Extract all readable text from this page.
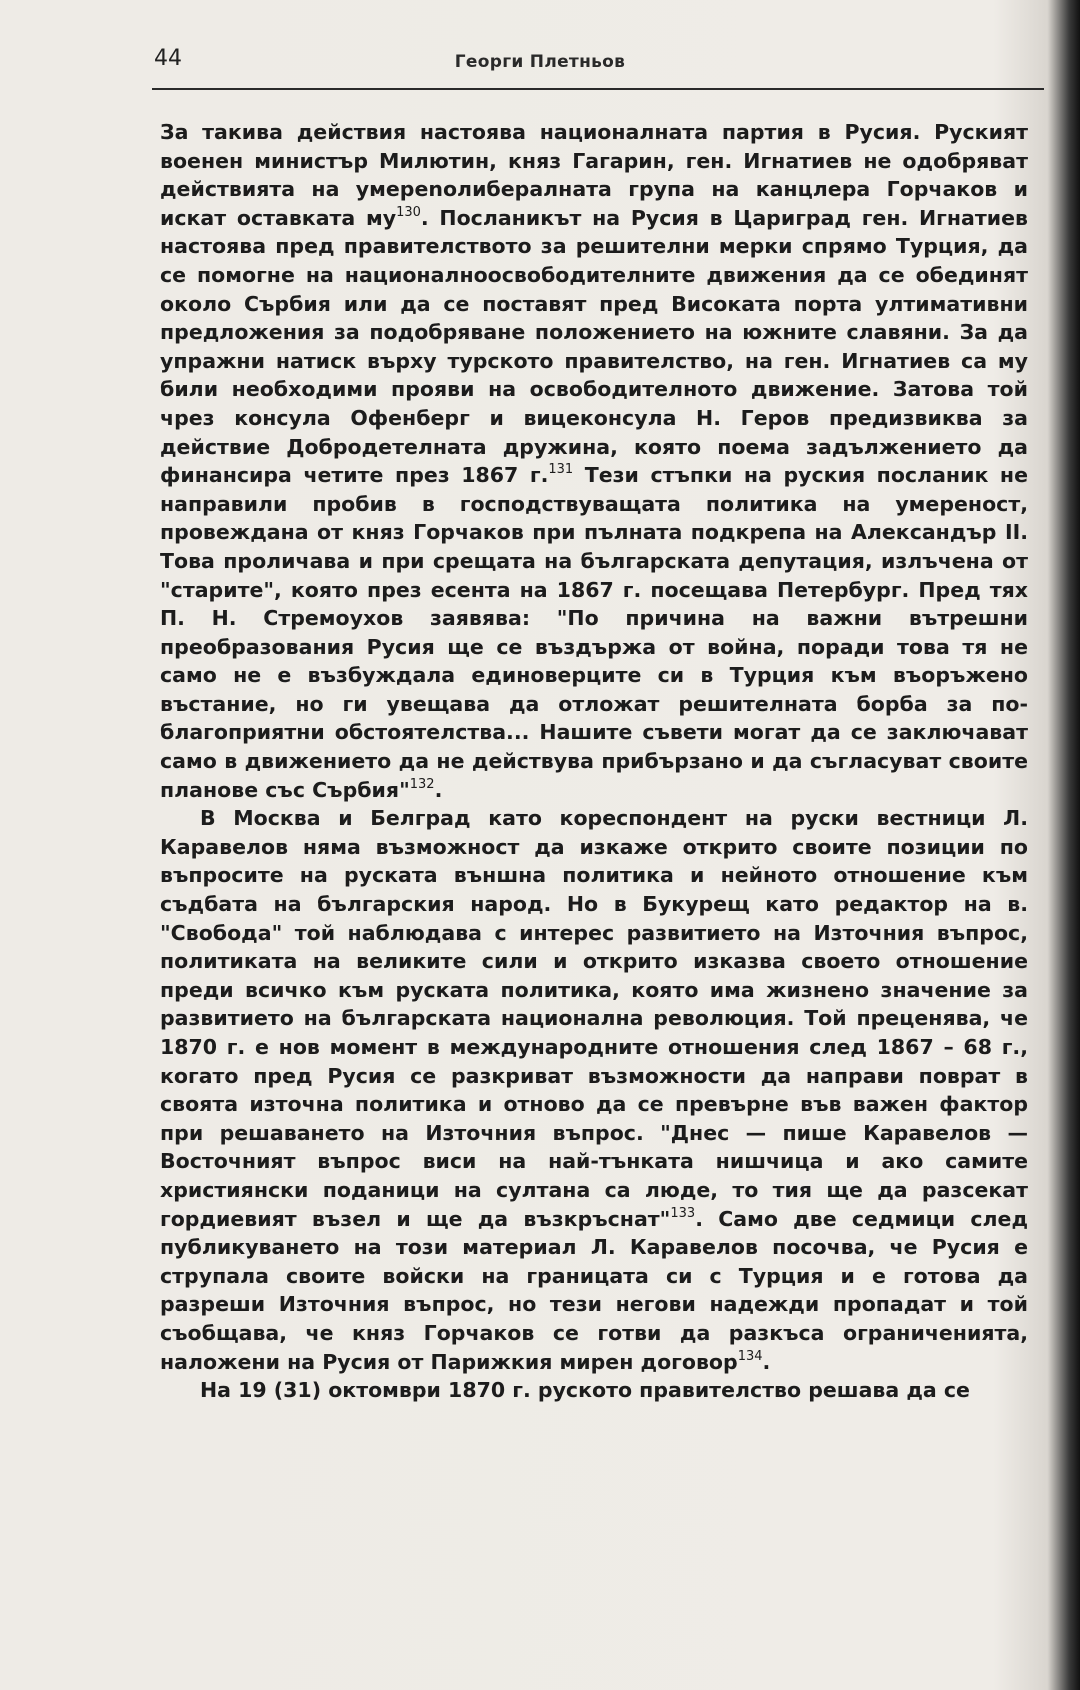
44	Георги Плетньов

За такива действия настоява националната партия в Русия. Руският военен министър Милютин, княз Гагарин, ген. Игнатиев не одобряват действията на умереnолибералната група на канцлера Горчаков и искат оставката му$^{130}$. Посланикът на Русия в Цариград ген. Игнатиев настоява пред правителството за решителни мерки спрямо Турция, да се помогне на националноосвободителните движения да се обединят около Сърбия или да се поставят пред Високата порта ултимативни предложения за подобряване положението на южните славяни. За да упражни натиск върху турското правителство, на ген. Игнатиев са му били необходими прояви на освободителното движение. Затова той чрез консула Офенберг и вицеконсула Н. Геров предизвиква за действие Добродетелната дружина, която поема задължението да финансира четите през 1867 г.$^{131}$ Тези стъпки на руския посланик не направили пробив в господствуващата политика на умереност, провеждана от княз Горчаков при пълната подкрепа на Александър II. Това проличава и при срещата на българската депутация, излъчена от "старите", която през есента на 1867 г. посещава Петербург. Пред тях П. Н. Стремоухов заявява: "По причина на важни вътрешни преобразования Русия ще се въздържа от война, поради това тя не само не е възбуждала единоверците си в Турция към въоръжено въстание, но ги увещава да отложат решителната борба за по-благоприятни обстоятелства... Нашите съвети могат да се заключават само в движението да не действува прибързано и да съгласуват своите планове със Сърбия"$^{132}$.

В Москва и Белград като кореспондент на руски вестници Л. Каравелов няма възможност да изкаже открито своите позиции по въпросите на руската външна политика и нейното отношение към съдбата на българския народ. Но в Букурещ като редактор на в. "Свобода" той наблюдава с интерес развитието на Източния въпрос, политиката на великите сили и открито изказва своето отношение преди всичко към руската политика, която има жизнено значение за развитието на българската национална революция. Той преценява, че 1870 г. е нов момент в международните отношения след 1867 – 68 г., когато пред Русия се разкриват възможности да направи поврат в своята източна политика и отново да се превърне във важен фактор при решаването на Източния въпрос. "Днес — пише Каравелов — Восточният въпрос виси на най-тънката нишчица и ако самите християнски поданици на султана са люде, то тия ще да разсекат гордиевият възел и ще да възкръснат"$^{133}$. Само две седмици след публикуването на този материал Л. Каравелов посочва, че Русия е струпала своите войски на границата си с Турция и е готова да разреши Източния въпрос, но тези негови надежди пропадат и той съобщава, че княз Горчаков се готви да разкъса ограниченията, наложени на Русия от Парижкия мирен договор$^{134}$.

На 19 (31) октомври 1870 г. руското правителство решава да се
